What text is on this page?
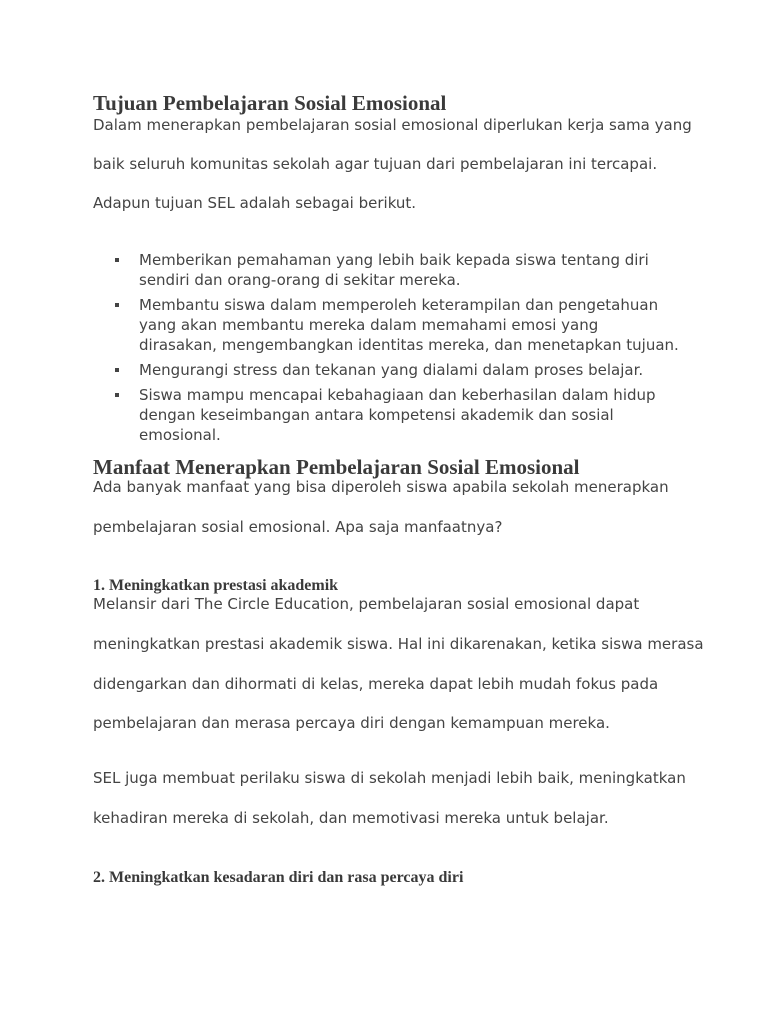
Tujuan Pembelajaran Sosial Emosional

Dalam menerapkan pembelajaran sosial emosional diperlukan kerja sama yang

baik seluruh komunitas sekolah agar tujuan dari pembelajaran ini tercapai.

Adapun tujuan SEL adalah sebagai berikut.

Memberikan pemahaman yang lebih baik kepada siswa tentang diri sendiri dan orang-orang di sekitar mereka.
Membantu siswa dalam memperoleh keterampilan dan pengetahuan yang akan membantu mereka dalam memahami emosi yang dirasakan, mengembangkan identitas mereka, dan menetapkan tujuan.
Mengurangi stress dan tekanan yang dialami dalam proses belajar.
Siswa mampu mencapai kebahagiaan dan keberhasilan dalam hidup dengan keseimbangan antara kompetensi akademik dan sosial emosional.
Manfaat Menerapkan Pembelajaran Sosial Emosional

Ada banyak manfaat yang bisa diperoleh siswa apabila sekolah menerapkan

pembelajaran sosial emosional. Apa saja manfaatnya?

1. Meningkatkan prestasi akademik

Melansir dari The Circle Education, pembelajaran sosial emosional dapat

meningkatkan prestasi akademik siswa. Hal ini dikarenakan, ketika siswa merasa

didengarkan dan dihormati di kelas, mereka dapat lebih mudah fokus pada

pembelajaran dan merasa percaya diri dengan kemampuan mereka.

SEL juga membuat perilaku siswa di sekolah menjadi lebih baik, meningkatkan

kehadiran mereka di sekolah, dan memotivasi mereka untuk belajar.

2. Meningkatkan kesadaran diri dan rasa percaya diri
